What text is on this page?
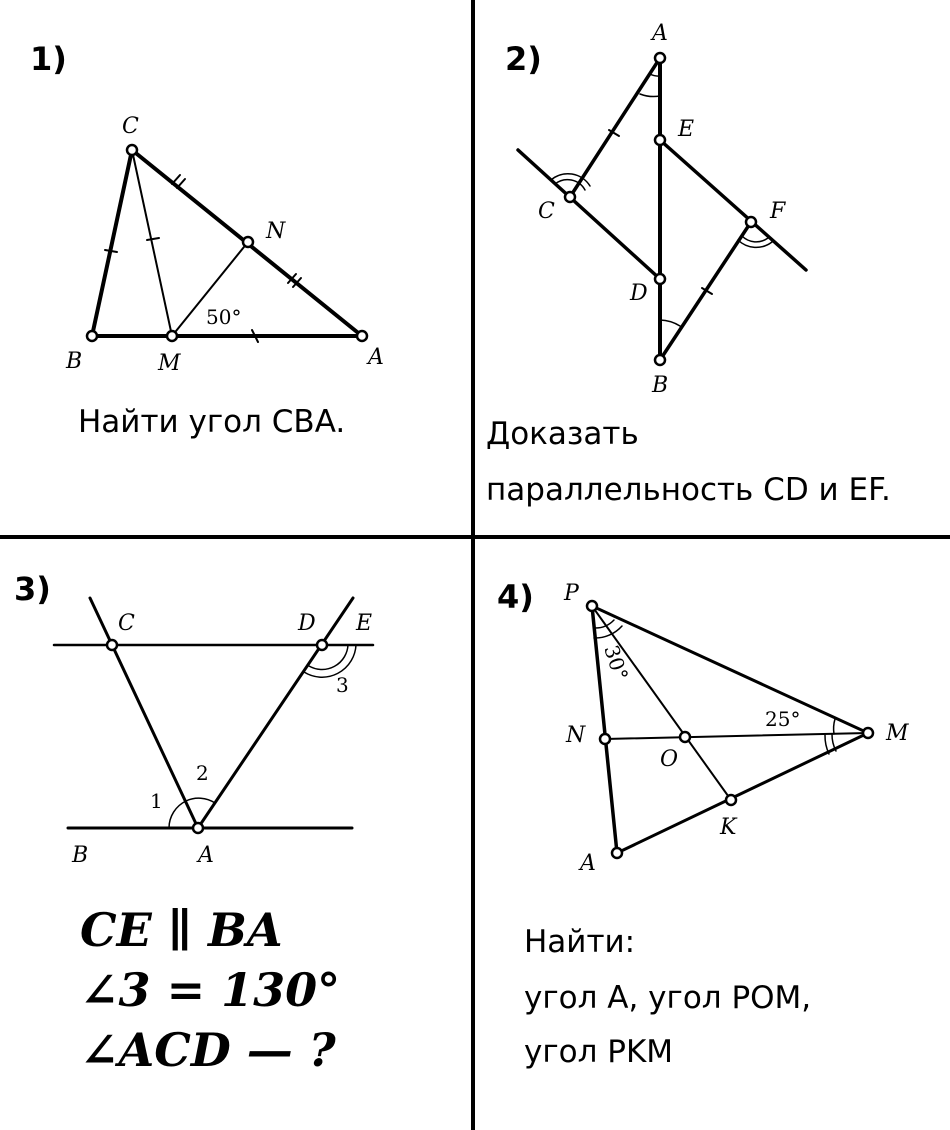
1)
C
N
B	M	A
50°
Найти угол CBA.
2)
A
E
C	F
D
B
Доказать
параллельность CD и EF.
3)
C	D E
B	A
1
2
3
CE ∥ BA
∠3 = 130°
∠ACD — ?
4) P
M
N
O
K
A
30°
25°
Найти:
угол A, угол POM,
угол PKM
